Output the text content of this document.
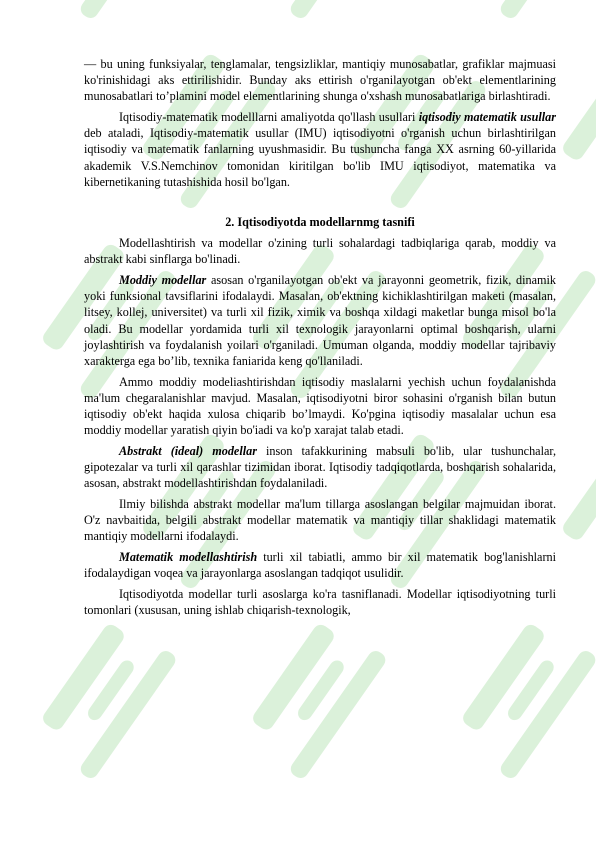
— bu uning funksiyalar, tenglamalar, tengsizliklar, mantiqiy munosabatlar, grafiklar majmuasi ko'rinishidagi aks ettirilishidir. Bunday aks ettirish o'rganilayotgan ob'ekt elementlarining munosabatlari to’plamini model elementlarining shunga o'xshash munosabatlariga birlashtiradi.

Iqtisodiy-matematik modelllarni amaliyotda qo'llash usullari iqtisodiy matematik usullar deb ataladi, Iqtisodiy-matematik usullar (IMU) iqtisodiyotni o'rganish uchun birlashtirilgan iqtisodiy va matematik fanlarning uyushmasidir. Bu tushuncha fanga XX asrning 60-yillarida akademik V.S.Nemchinov tomonidan kiritilgan bo'lib IMU iqtisodiyot, matematika va kibernetikaning tutashishida hosil bo'lgan.

2. Iqtisodiyotda modellarnmg tasnifi

Modellashtirish va modellar o'zining turli sohalardagi tadbiqlariga qarab, moddiy va abstrakt kabi sinflarga bo'linadi.

Moddiy modellar asosan o'rganilayotgan ob'ekt va jarayonni geometrik, fizik, dinamik yoki funksional tavsiflarini ifodalaydi. Masalan, ob'ektning kichiklashtirilgan maketi (masalan, litsey, kollej, universitet) va turli xil fizik, ximik va boshqa xildagi maketlar bunga misol bo'la oladi. Bu modellar yordamida turli xil texnologik jarayonlarni optimal boshqarish, ularni joylashtirish va foydalanish yoilari o'rganiladi. Umuman olganda, moddiy modellar tajribaviy xarakterga ega bo’lib, texnika faniarida keng qo'llaniladi.

Ammo moddiy modeliashtirishdan iqtisodiy maslalarni yechish uchun foydalanishda ma'lum chegaralanishlar mavjud. Masalan, iqtisodiyotni biror sohasini o'rganish bilan butun iqtisodiy ob'ekt haqida xulosa chiqarib bo’lmaydi. Ko'pgina iqtisodiy masalalar uchun esa moddiy modellar yaratish qiyin bo'iadi va ko'p xarajat talab etadi.

Abstrakt (ideal) modellar inson tafakkurining mabsuli bo'lib, ular tushunchalar, gipotezalar va turli xil qarashlar tizimidan iborat. Iqtisodiy tadqiqotlarda, boshqarish sohalarida, asosan, abstrakt modellashtirishdan foydalaniladi.

Ilmiy bilishda abstrakt modellar ma'lum tillarga asoslangan belgilar majmuidan iborat. O'z navbaitida, belgili abstrakt modellar matematik va mantiqiy tillar shaklidagi matematik mantiqiy modellarni ifodalaydi.

Matematik modellashtirish turli xil tabiatli, ammo bir xil matematik bog'lanishlarni ifodalaydigan voqea va jarayonlarga asoslangan tadqiqot usulidir.

Iqtisodiyotda modellar turli asoslarga ko'ra tasniflanadi. Modellar iqtisodiyotning turli tomonlari (xususan, uning ishlab chiqarish-texnologik,
